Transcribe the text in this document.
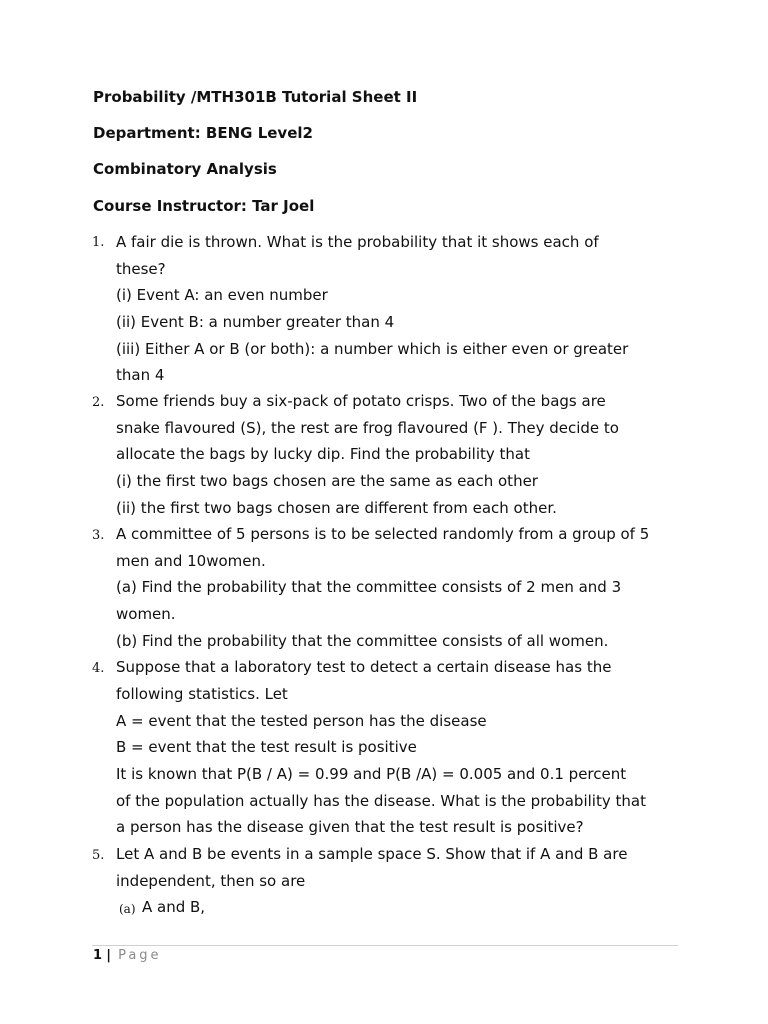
Probability /MTH301B Tutorial Sheet II
Department: BENG Level2
Combinatory Analysis
Course Instructor: Tar Joel
1. A fair die is thrown. What is the probability that it shows each of
these?
(i) Event A: an even number
(ii) Event B: a number greater than 4
(iii) Either A or B (or both): a number which is either even or greater
than 4
2. Some friends buy a six-pack of potato crisps. Two of the bags are
snake flavoured (S), the rest are frog flavoured (F ). They decide to
allocate the bags by lucky dip. Find the probability that
(i) the first two bags chosen are the same as each other
(ii) the first two bags chosen are different from each other.
3. A committee of 5 persons is to be selected randomly from a group of 5
men and 10women.
(a) Find the probability that the committee consists of 2 men and 3
women.
(b) Find the probability that the committee consists of all women.
4. Suppose that a laboratory test to detect a certain disease has the
following statistics. Let
A = event that the tested person has the disease
B = event that the test result is positive
It is known that P(B / A) = 0.99 and P(B /A) = 0.005 and 0.1 percent
of the population actually has the disease. What is the probability that
a person has the disease given that the test result is positive?
5. Let A and B be events in a sample space S. Show that if A and B are
independent, then so are
(a) A and B,
1 | Page
